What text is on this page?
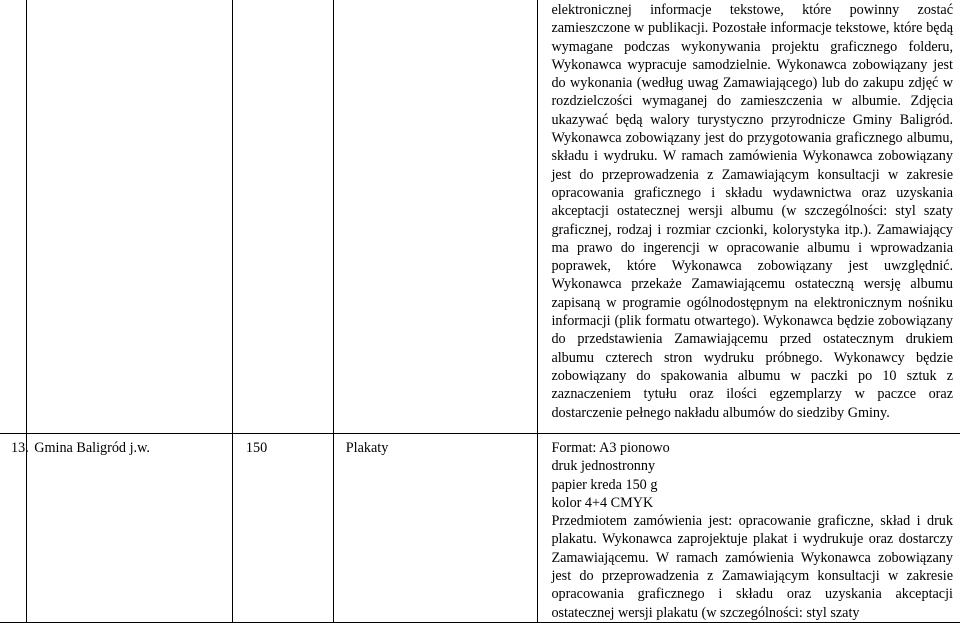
				elektronicznej informacje tekstowe, które powinny zostać zamieszczone w publikacji. Pozostałe informacje tekstowe, które będą wymagane podczas wykonywania projektu graficznego folderu, Wykonawca wypracuje samodzielnie. Wykonawca zobowiązany jest do wykonania (według uwag Zamawiającego) lub do zakupu zdjęć w rozdzielczości wymaganej do zamieszczenia w albumie. Zdjęcia ukazywać będą walory turystyczno przyrodnicze Gminy Baligród. Wykonawca zobowiązany jest do przygotowania graficznego albumu, składu i wydruku. W ramach zamówienia Wykonawca zobowiązany jest do przeprowadzenia z Zamawiającym konsultacji w zakresie opracowania graficznego i składu wydawnictwa oraz uzyskania akceptacji ostatecznej wersji albumu (w szczególności: styl szaty graficznej, rodzaj i rozmiar czcionki, kolorystyka itp.). Zamawiający ma prawo do ingerencji w opracowanie albumu i wprowadzania poprawek, które Wykonawca zobowiązany jest uwzględnić. Wykonawca przekaże Zamawiającemu ostateczną wersję albumu zapisaną w programie ogólnodostępnym na elektronicznym nośniku informacji (plik formatu otwartego). Wykonawca będzie zobowiązany do przedstawienia Zamawiającemu przed ostatecznym drukiem albumu czterech stron wydruku próbnego. Wykonawcy będzie zobowiązany do spakowania albumu w paczki po 10 sztuk z zaznaczeniem tytułu oraz ilości egzemplarzy w paczce oraz dostarczenie pełnego nakładu albumów do siedziby Gminy.

13.	Gmina Baligród j.w.	150	Plakaty	Format: A3 pionowo

druk jednostronny

papier kreda 150 g

kolor 4+4 CMYK

Przedmiotem zamówienia jest: opracowanie graficzne, skład i druk plakatu. Wykonawca zaprojektuje plakat i wydrukuje oraz dostarczy Zamawiającemu. W ramach zamówienia Wykonawca zobowiązany jest do przeprowadzenia z Zamawiającym konsultacji w zakresie opracowania graficznego i składu oraz uzyskania akceptacji ostatecznej wersji plakatu (w szczególności: styl szaty
